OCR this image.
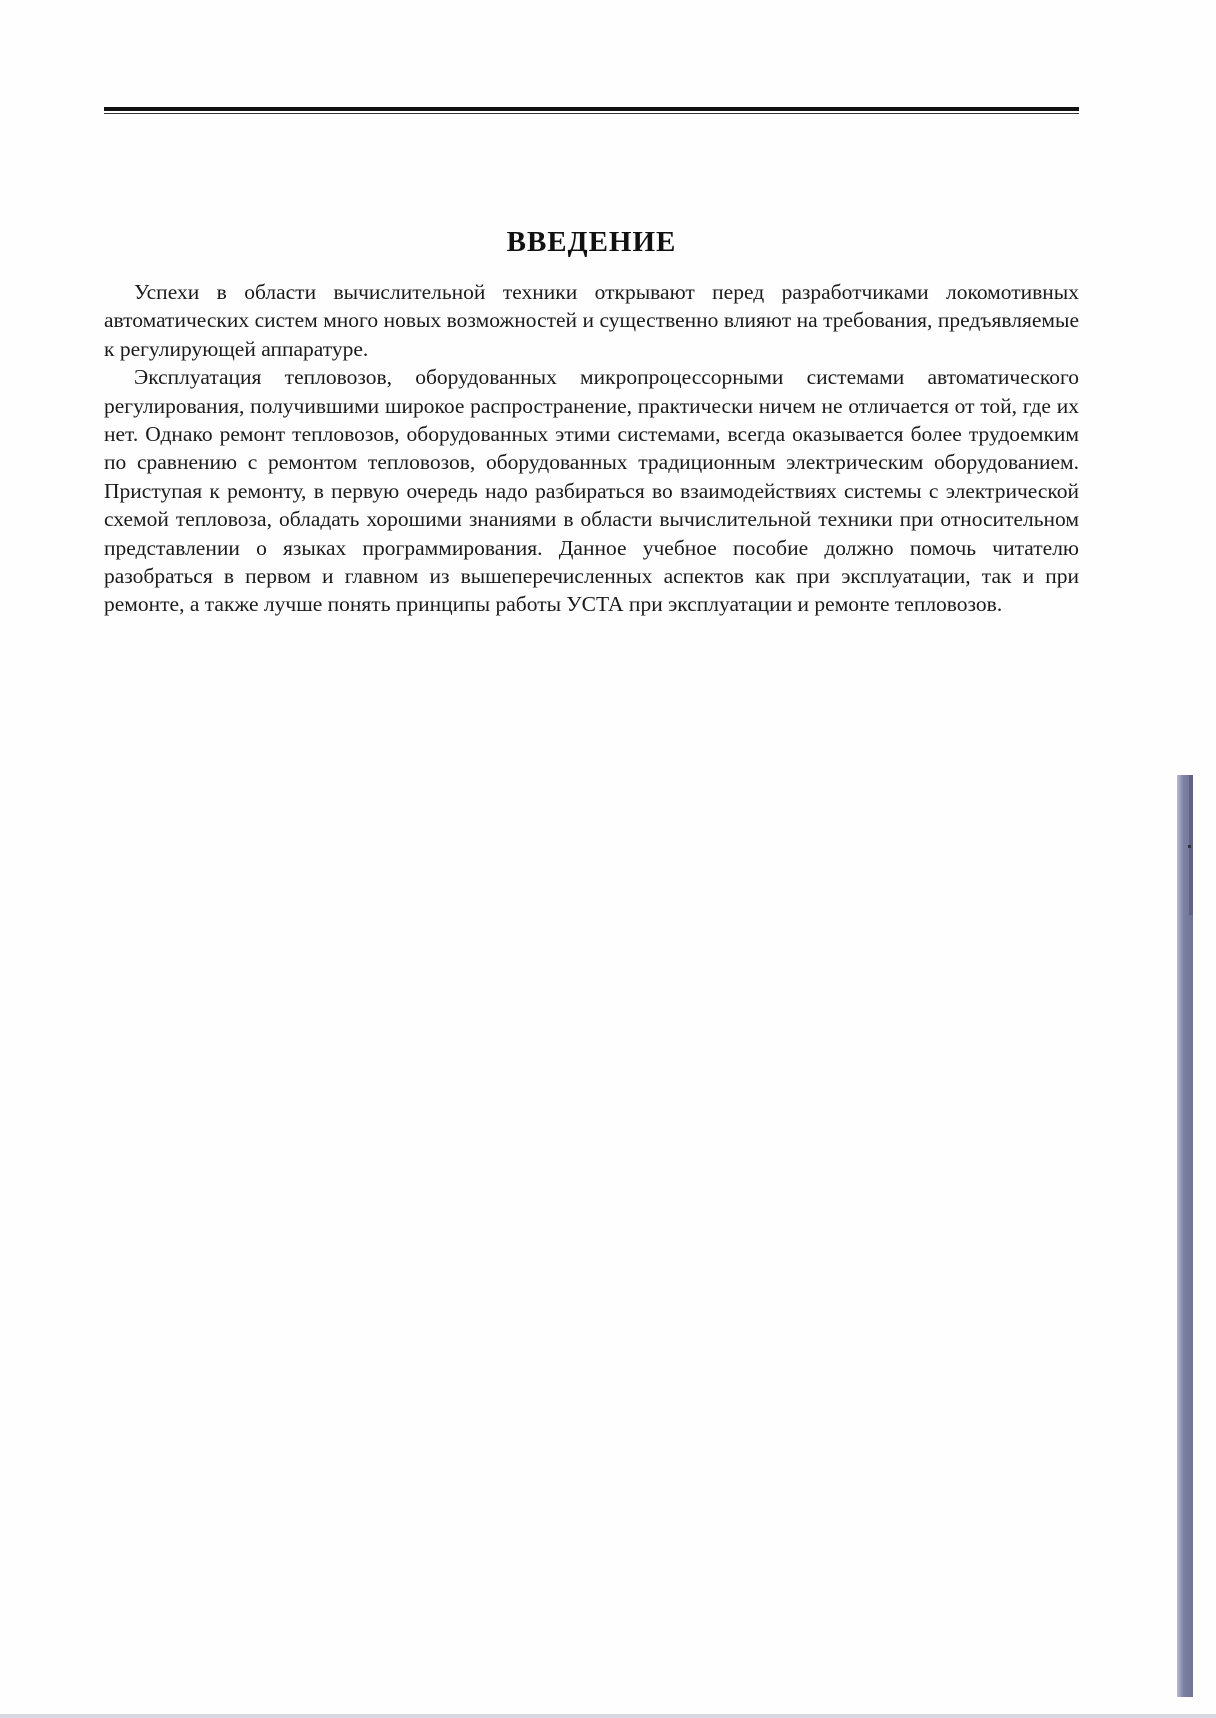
ВВЕДЕНИЕ

Успехи в области вычислительной техники открывают перед разработчиками локомотивных автоматических систем много новых возможностей и существенно влияют на требования, предъявляемые к регулирующей аппаратуре.

Эксплуатация тепловозов, оборудованных микропроцессорными системами автоматического регулирования, получившими широкое распространение, практически ничем не отличается от той, где их нет. Однако ремонт тепловозов, оборудованных этими системами, всегда оказывается более трудоемким по сравнению с ремонтом тепловозов, оборудованных традиционным электрическим оборудованием. Приступая к ремонту, в первую очередь надо разбираться во взаимодействиях системы с электрической схемой тепловоза, обладать хорошими знаниями в области вычислительной техники при относительном представлении о языках программирования. Данное учебное пособие должно помочь читателю разобраться в первом и главном из вышеперечисленных аспектов как при эксплуатации, так и при ремонте, а также лучше понять принципы работы УСТА при эксплуатации и ремонте тепловозов.
